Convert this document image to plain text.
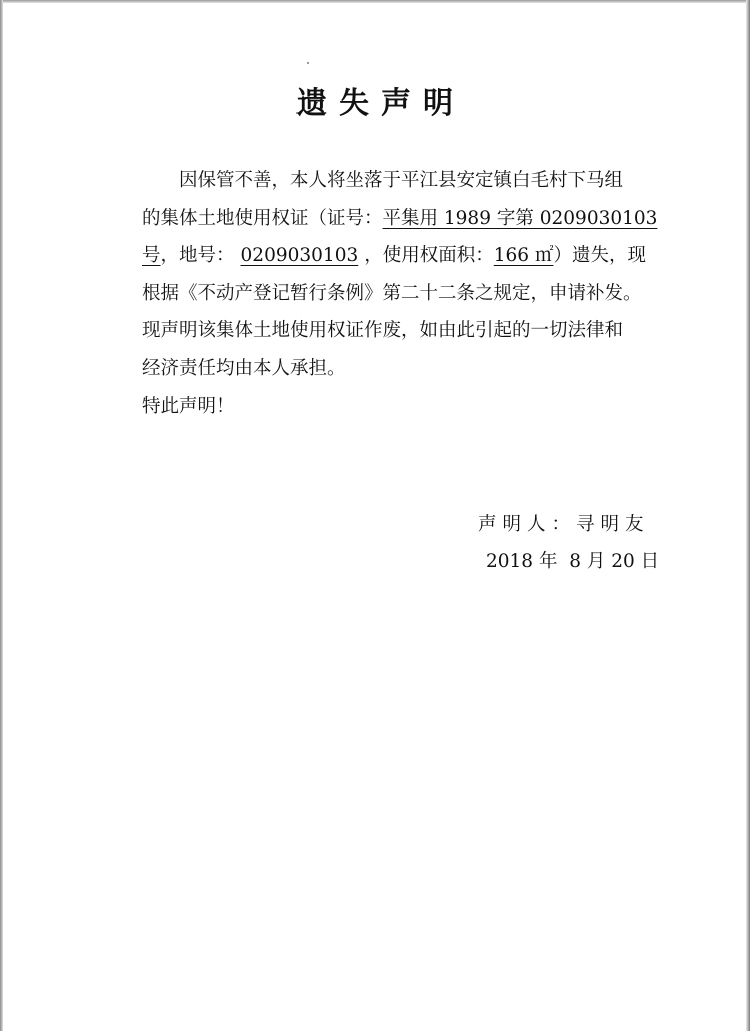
遗失声明
因保管不善，本人将坐落于平江县安定镇白毛村下马组
的集体土地使用权证（证号：平集用 1989 字第 0209030103
号，地号： 0209030103 ，使用权面积：166 ㎡）遗失，现
根据《不动产登记暂行条例》第二十二条之规定，申请补发。
现声明该集体土地使用权证作废，如由此引起的一切法律和
经济责任均由本人承担。
特此声明！
声明人：寻明友
2018 年  8 月 20 日
